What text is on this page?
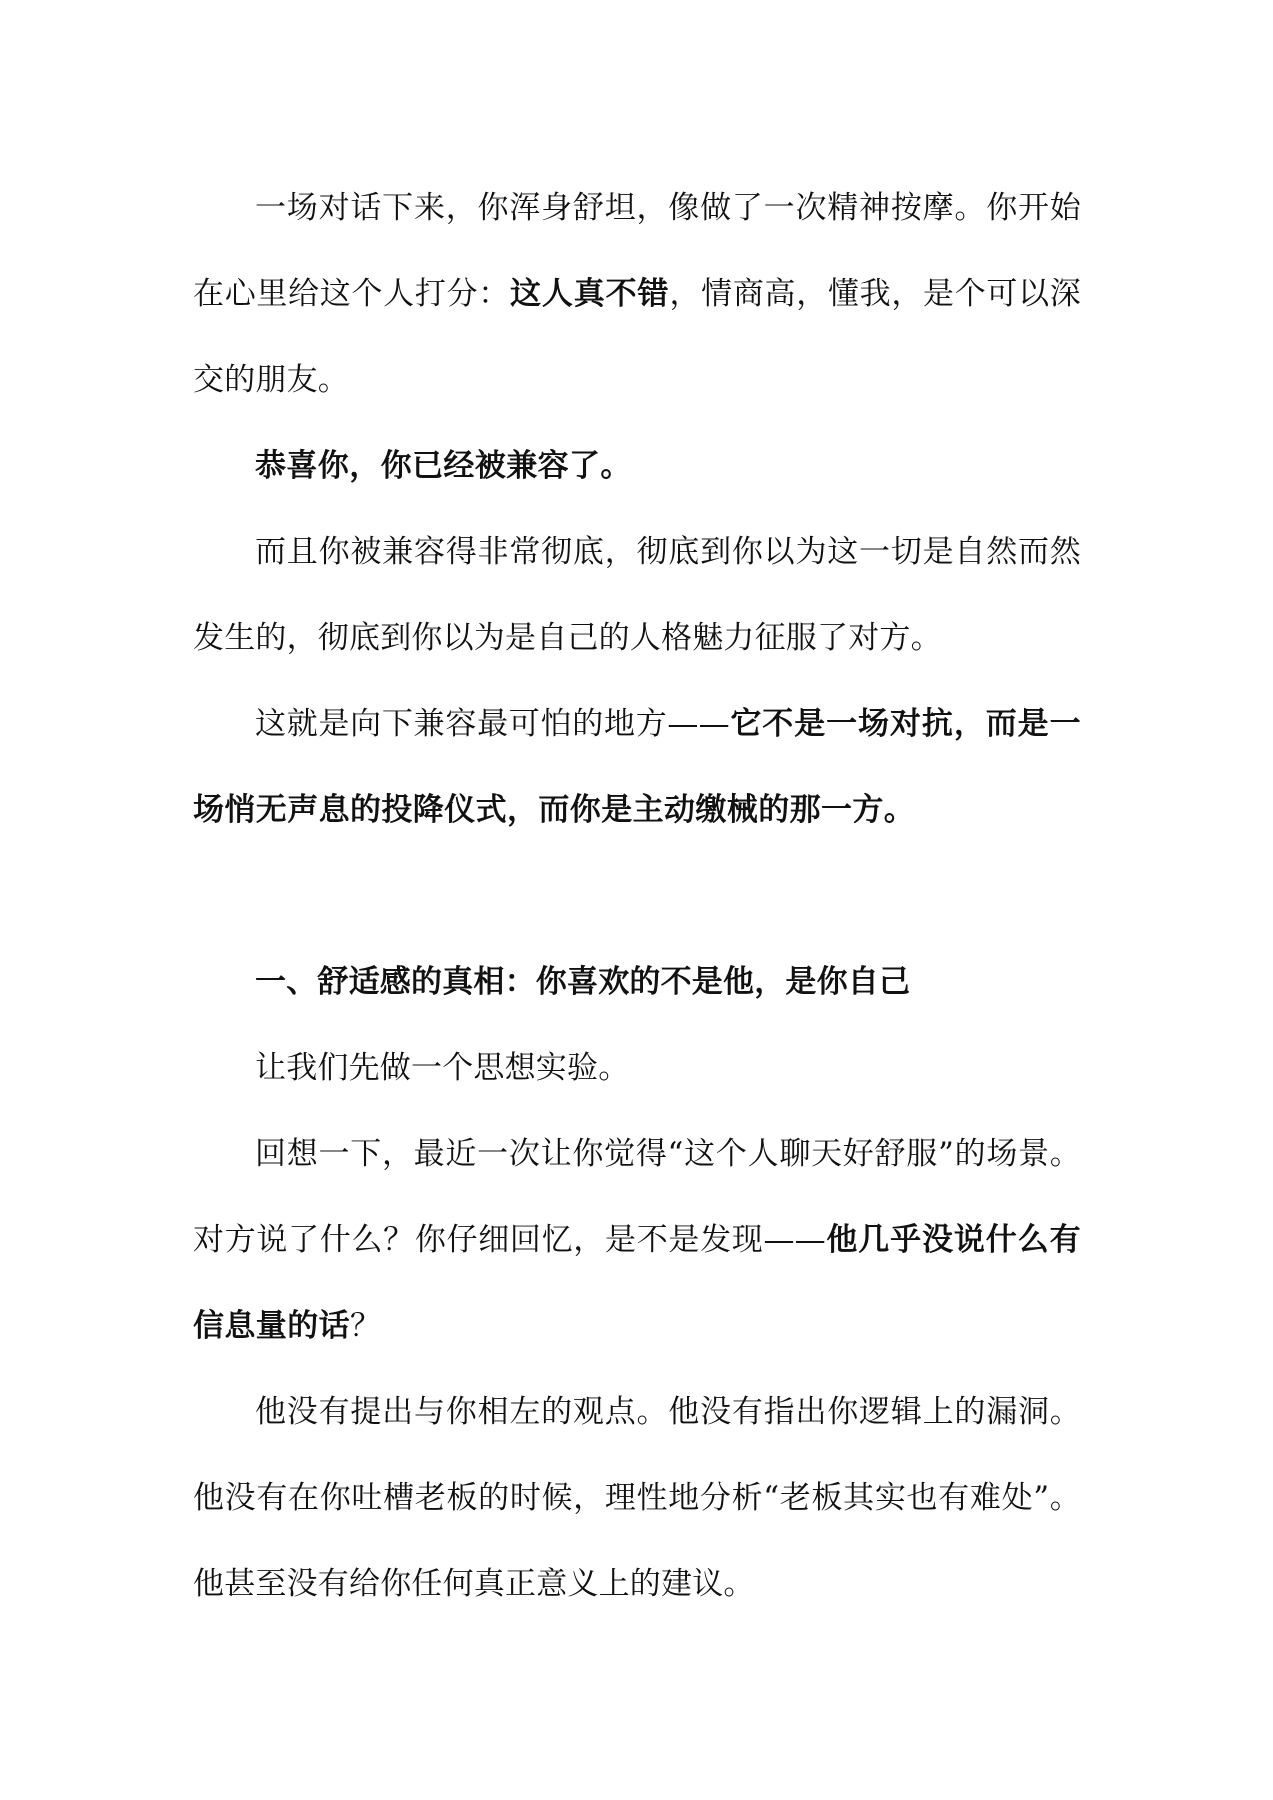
一场对话下来，你浑身舒坦，像做了一次精神按摩。你开始在心里给这个人打分：这人真不错，情商高，懂我，是个可以深交的朋友。

恭喜你，你已经被兼容了。

而且你被兼容得非常彻底，彻底到你以为这一切是自然而然发生的，彻底到你以为是自己的人格魅力征服了对方。

这就是向下兼容最可怕的地方——它不是一场对抗，而是一场悄无声息的投降仪式，而你是主动缴械的那一方。

一、舒适感的真相：你喜欢的不是他，是你自己

让我们先做一个思想实验。

回想一下，最近一次让你觉得“这个人聊天好舒服”的场景。对方说了什么？你仔细回忆，是不是发现——他几乎没说什么有信息量的话？

他没有提出与你相左的观点。他没有指出你逻辑上的漏洞。他没有在你吐槽老板的时候，理性地分析“老板其实也有难处”。他甚至没有给你任何真正意义上的建议。
